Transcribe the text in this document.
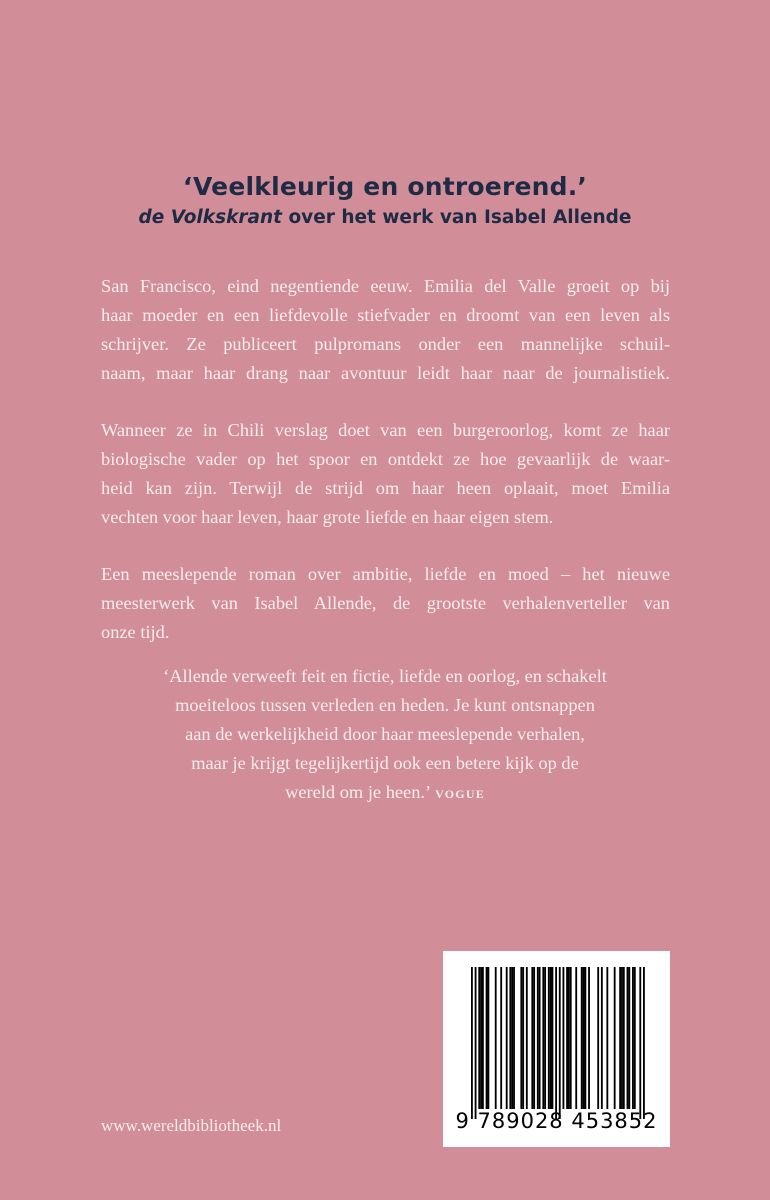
‘Veelkleurig en ontroerend.’
de Volkskrant over het werk van Isabel Allende
San Francisco, eind negentiende eeuw. Emilia del Valle groeit op bij
haar moeder en een liefdevolle stiefvader en droomt van een leven als
schrijver. Ze publiceert pulpromans onder een mannelijke schuil-
naam, maar haar drang naar avontuur leidt haar naar de journalistiek.
Wanneer ze in Chili verslag doet van een burgeroorlog, komt ze haar
biologische vader op het spoor en ontdekt ze hoe gevaarlijk de waar-
heid kan zijn. Terwijl de strijd om haar heen oplaait, moet Emilia
vechten voor haar leven, haar grote liefde en haar eigen stem.
Een meeslepende roman over ambitie, liefde en moed – het nieuwe
meesterwerk van Isabel Allende, de grootste verhalenverteller van
onze tijd.
‘Allende verweeft feit en fictie, liefde en oorlog, en schakelt
moeiteloos tussen verleden en heden. Je kunt ontsnappen
aan de werkelijkheid door haar meeslepende verhalen,
maar je krijgt tegelijkertijd ook een betere kijk op de
wereld om je heen.’ VOGUE
www.wereldbibliotheek.nl	9 789028 453852
